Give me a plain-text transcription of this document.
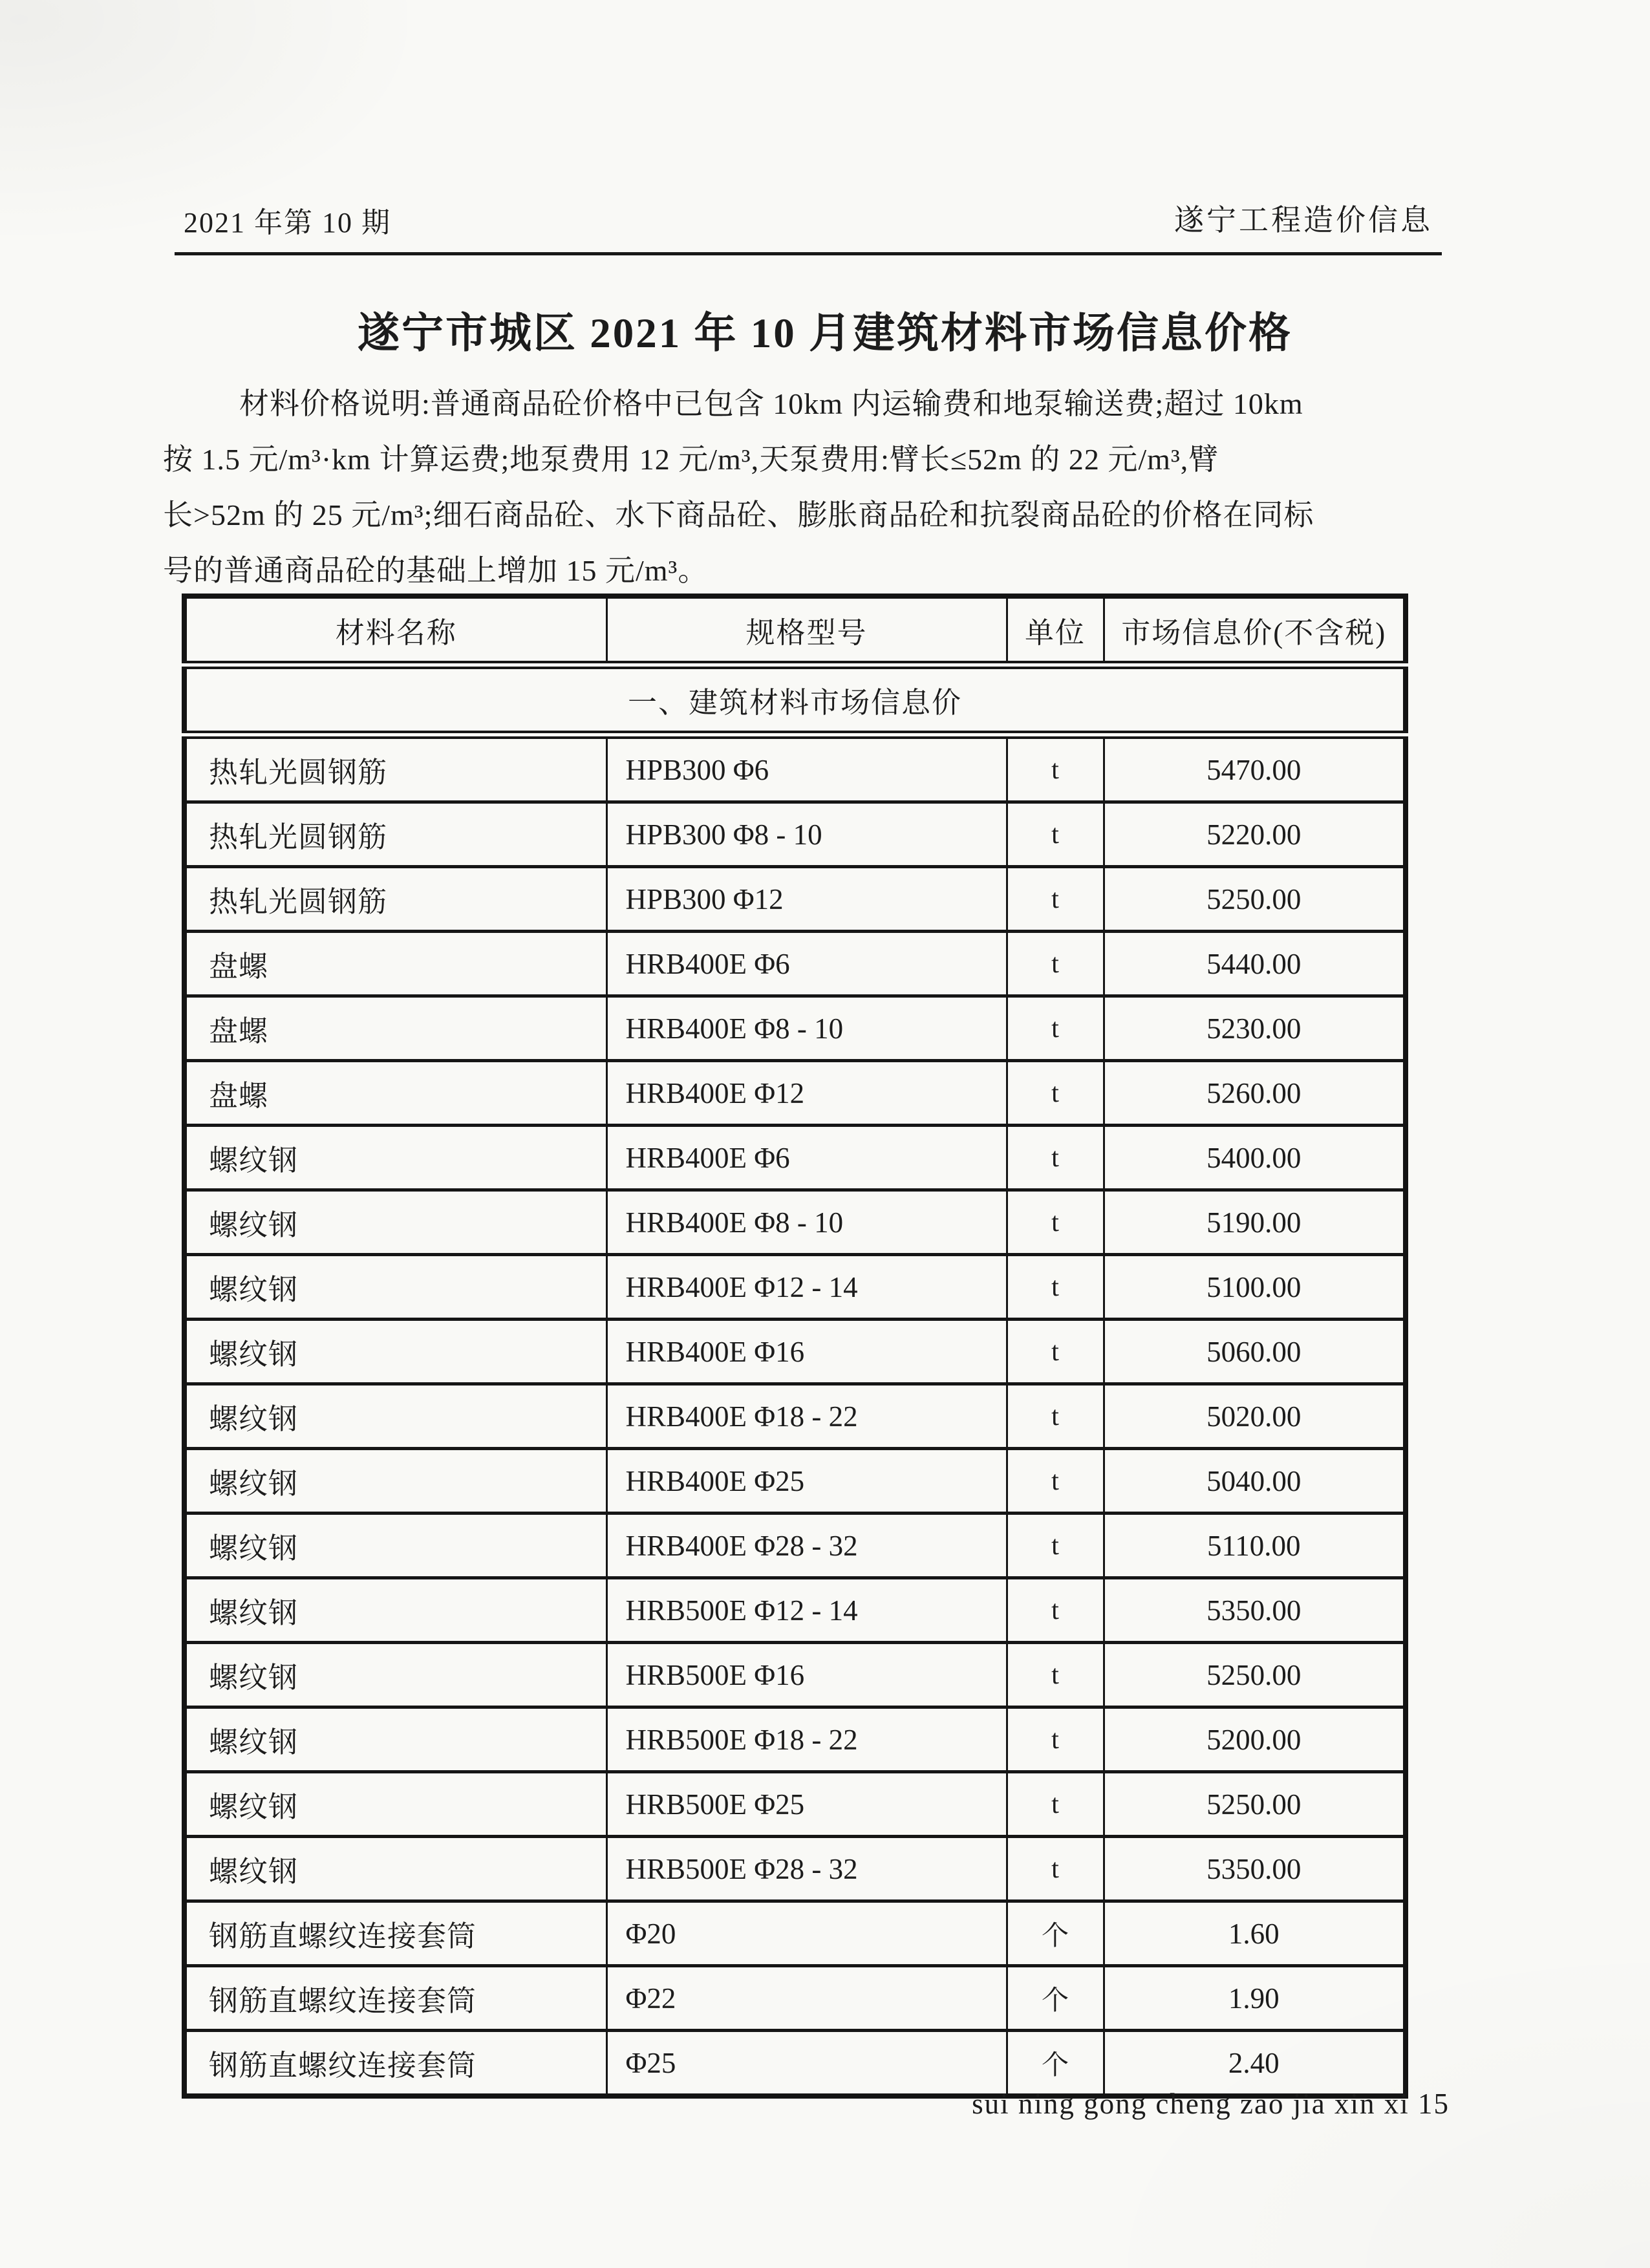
2021 年第 10 期	遂宁工程造价信息
遂宁市城区 2021 年 10 月建筑材料市场信息价格
材料价格说明:普通商品砼价格中已包含 10km 内运输费和地泵输送费;超过 10km
按 1.5 元/m³·km 计算运费;地泵费用 12 元/m³,天泵费用:臂长≤52m 的 22 元/m³,臂
长>52m 的 25 元/m³;细石商品砼、水下商品砼、膨胀商品砼和抗裂商品砼的价格在同标
号的普通商品砼的基础上增加 15 元/m³。
材料名称	规格型号	单位	市场信息价(不含税)
一、建筑材料市场信息价			
热轧光圆钢筋	HPB300 Φ6	t	5470.00
热轧光圆钢筋	HPB300 Φ8 - 10	t	5220.00
热轧光圆钢筋	HPB300 Φ12	t	5250.00
盘螺	HRB400E Φ6	t	5440.00
盘螺	HRB400E Φ8 - 10	t	5230.00
盘螺	HRB400E Φ12	t	5260.00
螺纹钢	HRB400E Φ6	t	5400.00
螺纹钢	HRB400E Φ8 - 10	t	5190.00
螺纹钢	HRB400E Φ12 - 14	t	5100.00
螺纹钢	HRB400E Φ16	t	5060.00
螺纹钢	HRB400E Φ18 - 22	t	5020.00
螺纹钢	HRB400E Φ25	t	5040.00
螺纹钢	HRB400E Φ28 - 32	t	5110.00
螺纹钢	HRB500E Φ12 - 14	t	5350.00
螺纹钢	HRB500E Φ16	t	5250.00
螺纹钢	HRB500E Φ18 - 22	t	5200.00
螺纹钢	HRB500E Φ25	t	5250.00
螺纹钢	HRB500E Φ28 - 32	t	5350.00
钢筋直螺纹连接套筒	Φ20	个	1.60
钢筋直螺纹连接套筒	Φ22	个	1.90
钢筋直螺纹连接套筒	Φ25	个	2.40
sui ning gong cheng zao jia xin xi 15
